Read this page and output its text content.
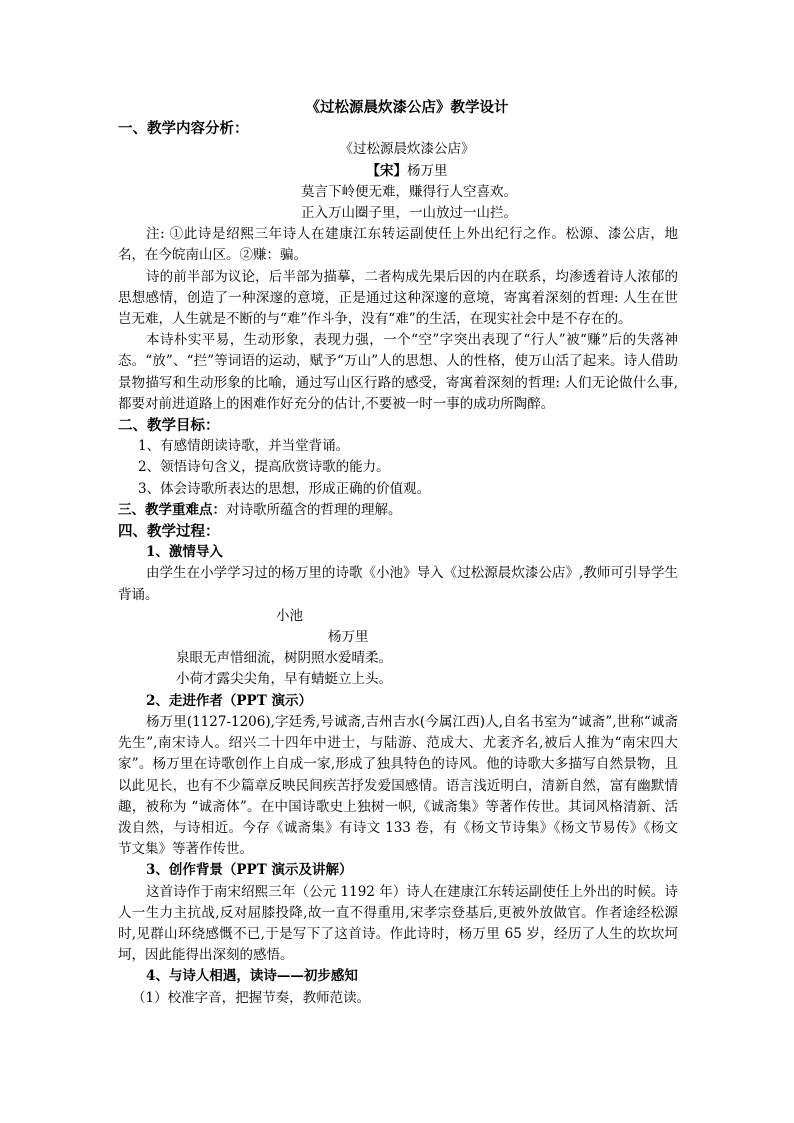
《过松源晨炊漆公店》教学设计
一、教学内容分析：
《过松源晨炊漆公店》
【宋】杨万里
莫言下岭便无难，赚得行人空喜欢。
正入万山圈子里，一山放过一山拦。
注: ①此诗是绍熙三年诗人在建康江东转运副使任上外出纪行之作。松源、漆公店，地名，在今皖南山区。②赚：骗。
诗的前半部为议论，后半部为描摹，二者构成先果后因的内在联系，均渗透着诗人浓郁的思想感情，创造了一种深邃的意境，正是通过这种深邃的意境，寄寓着深刻的哲理: 人生在世岂无难，人生就是不断的与“难”作斗争，没有“难”的生活，在现实社会中是不存在的。
本诗朴实平易，生动形象，表现力强，一个“空”字突出表现了“行人”被“赚”后的失落神态。“放”、“拦”等词语的运动，赋予“万山”人的思想、人的性格，使万山活了起来。诗人借助景物描写和生动形象的比喻，通过写山区行路的感受，寄寓着深刻的哲理: 人们无论做什么事,都要对前进道路上的困难作好充分的估计,不要被一时一事的成功所陶醉。
二、教学目标：
1、有感情朗读诗歌，并当堂背诵。
2、领悟诗句含义，提高欣赏诗歌的能力。
3、体会诗歌所表达的思想，形成正确的价值观。
三、教学重难点：对诗歌所蕴含的哲理的理解。
四、教学过程：
1、激情导入
由学生在小学学习过的杨万里的诗歌《小池》导入《过松源晨炊漆公店》,教师可引导学生背诵。
小池
杨万里
泉眼无声惜细流，树阴照水爱晴柔。
小荷才露尖尖角，早有蜻蜓立上头。
2、走进作者（PPT 演示）
杨万里(1127-1206),字廷秀,号诚斋,吉州吉水(今属江西)人,自名书室为“诚斋”,世称“诚斋先生”,南宋诗人。绍兴二十四年中进士，与陆游、范成大、尤袤齐名,被后人推为“南宋四大家”。杨万里在诗歌创作上自成一家,形成了独具特色的诗风。他的诗歌大多描写自然景物，且以此见长，也有不少篇章反映民间疾苦抒发爱国感情。语言浅近明白，清新自然，富有幽默情趣，被称为 “诚斋体”。在中国诗歌史上独树一帜,《诚斋集》等著作传世。其词风格清新、活泼自然，与诗相近。今存《诚斋集》有诗文 133 卷，有《杨文节诗集》《杨文节易传》《杨文节文集》等著作传世。
3、创作背景（PPT 演示及讲解）
这首诗作于南宋绍熙三年（公元 1192 年）诗人在建康江东转运副使任上外出的时候。诗人一生力主抗战,反对屈膝投降,故一直不得重用,宋孝宗登基后,更被外放做官。作者途经松源时,见群山环绕感慨不已,于是写下了这首诗。作此诗时，杨万里 65 岁，经历了人生的坎坎坷坷，因此能得出深刻的感悟。
4、与诗人相遇，读诗——初步感知
（1）校准字音，把握节奏，教师范读。
